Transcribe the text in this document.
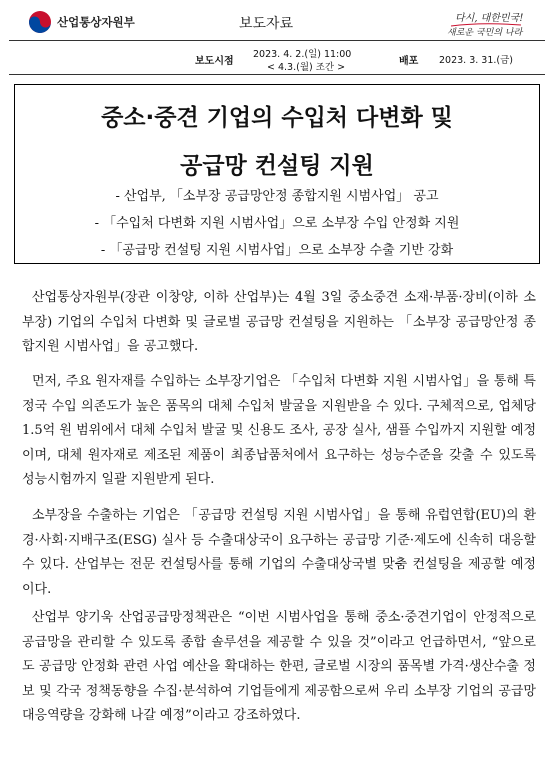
산업통상자원부	보도자료	다시, 대한민국!
새로운 국민의 나라
보도시점
2023. 4. 2.(일) 11:00
< 4.3.(월) 조간 >
배포 2023. 3. 31.(금)
중소·중견 기업의 수입처 다변화 및
공급망 컨설팅 지원
- 산업부, 「소부장 공급망안정 종합지원 시범사업」 공고
- 「수입처 다변화 지원 시범사업」으로 소부장 수입 안정화 지원
- 「공급망 컨설팅 지원 시범사업」으로 소부장 수출 기반 강화

산업통상자원부(장관 이창양, 이하 산업부)는 4월 3일 중소중견 소재·부품·장비(이하 소부장) 기업의 수입처 다변화 및 글로벌 공급망 컨설팅을 지원하는 「소부장 공급망안정 종합지원 시범사업」을 공고했다.

먼저, 주요 원자재를 수입하는 소부장기업은 「수입처 다변화 지원 시범사업」을 통해 특정국 수입 의존도가 높은 품목의 대체 수입처 발굴을 지원받을 수 있다. 구체적으로, 업체당 1.5억 원 범위에서 대체 수입처 발굴 및 신용도 조사, 공장 실사, 샘플 수입까지 지원할 예정이며, 대체 원자재로 제조된 제품이 최종납품처에서 요구하는 성능수준을 갖출 수 있도록 성능시험까지 일괄 지원받게 된다.

소부장을 수출하는 기업은 「공급망 컨설팅 지원 시범사업」을 통해 유럽연합(EU)의 환경·사회·지배구조(ESG) 실사 등 수출대상국이 요구하는 공급망 기준·제도에 신속히 대응할 수 있다. 산업부는 전문 컨설팅사를 통해 기업의 수출대상국별 맞춤 컨설팅을 제공할 예정이다.

산업부 양기욱 산업공급망정책관은 “이번 시범사업을 통해 중소·중견기업이 안정적으로 공급망을 관리할 수 있도록 종합 솔루션을 제공할 수 있을 것”이라고 언급하면서, “앞으로도 공급망 안정화 관련 사업 예산을 확대하는 한편, 글로벌 시장의 품목별 가격·생산수출 정보 및 각국 정책동향을 수집·분석하여 기업들에게 제공함으로써 우리 소부장 기업의 공급망 대응역량을 강화해 나갈 예정”이라고 강조하였다.
